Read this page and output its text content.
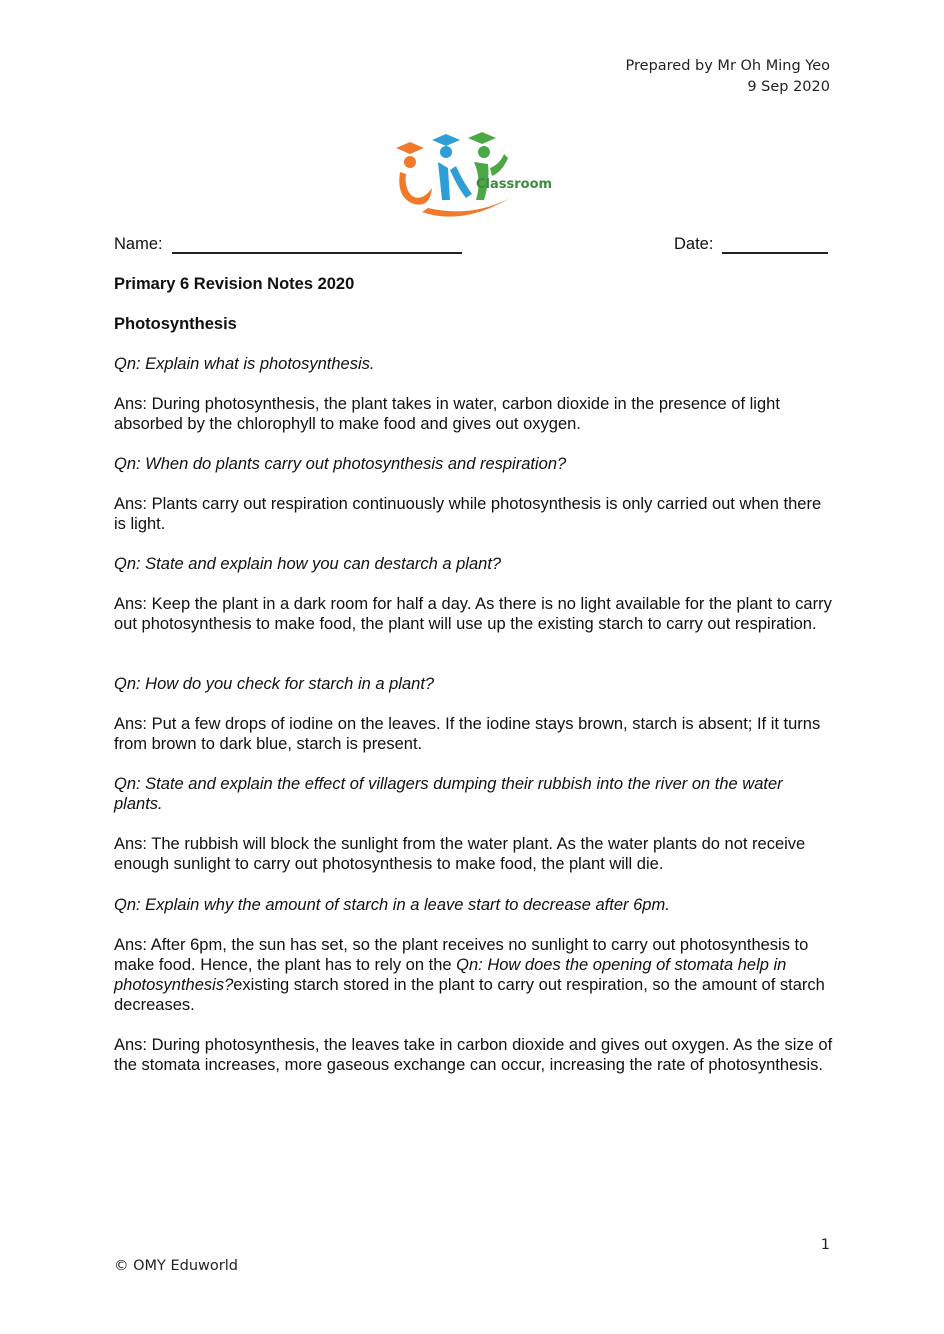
Prepared by Mr Oh Ming Yeo
9 Sep 2020
Classroom
Name:	Date:
Primary 6 Revision Notes 2020
Photosynthesis
Qn: Explain what is photosynthesis.
Ans: During photosynthesis, the plant takes in water, carbon dioxide in the presence of light absorbed by the chlorophyll to make food and gives out oxygen.
Qn: When do plants carry out photosynthesis and respiration?
Ans: Plants carry out respiration continuously while photosynthesis is only carried out when there is light.
Qn: State and explain how you can destarch a plant?
Ans: Keep the plant in a dark room for half a day. As there is no light available for the plant to carry out photosynthesis to make food, the plant will use up the existing starch to carry out respiration.
Qn: How do you check for starch in a plant?
Ans: Put a few drops of iodine on the leaves. If the iodine stays brown, starch is absent; If it turns from brown to dark blue, starch is present.
Qn: State and explain the effect of villagers dumping their rubbish into the river on the water plants.
Ans: The rubbish will block the sunlight from the water plant. As the water plants do not receive enough sunlight to carry out photosynthesis to make food, the plant will die.
Qn: Explain why the amount of starch in a leave start to decrease after 6pm.
Ans: After 6pm, the sun has set, so the plant receives no sunlight to carry out photosynthesis to make food. Hence, the plant has to rely on the Qn: How does the opening of stomata help in photosynthesis?existing starch stored in the plant to carry out respiration, so the amount of starch decreases.
Ans: During photosynthesis, the leaves take in carbon dioxide and gives out oxygen. As the size of the stomata increases, more gaseous exchange can occur, increasing the rate of photosynthesis.
1
© OMY Eduworld
